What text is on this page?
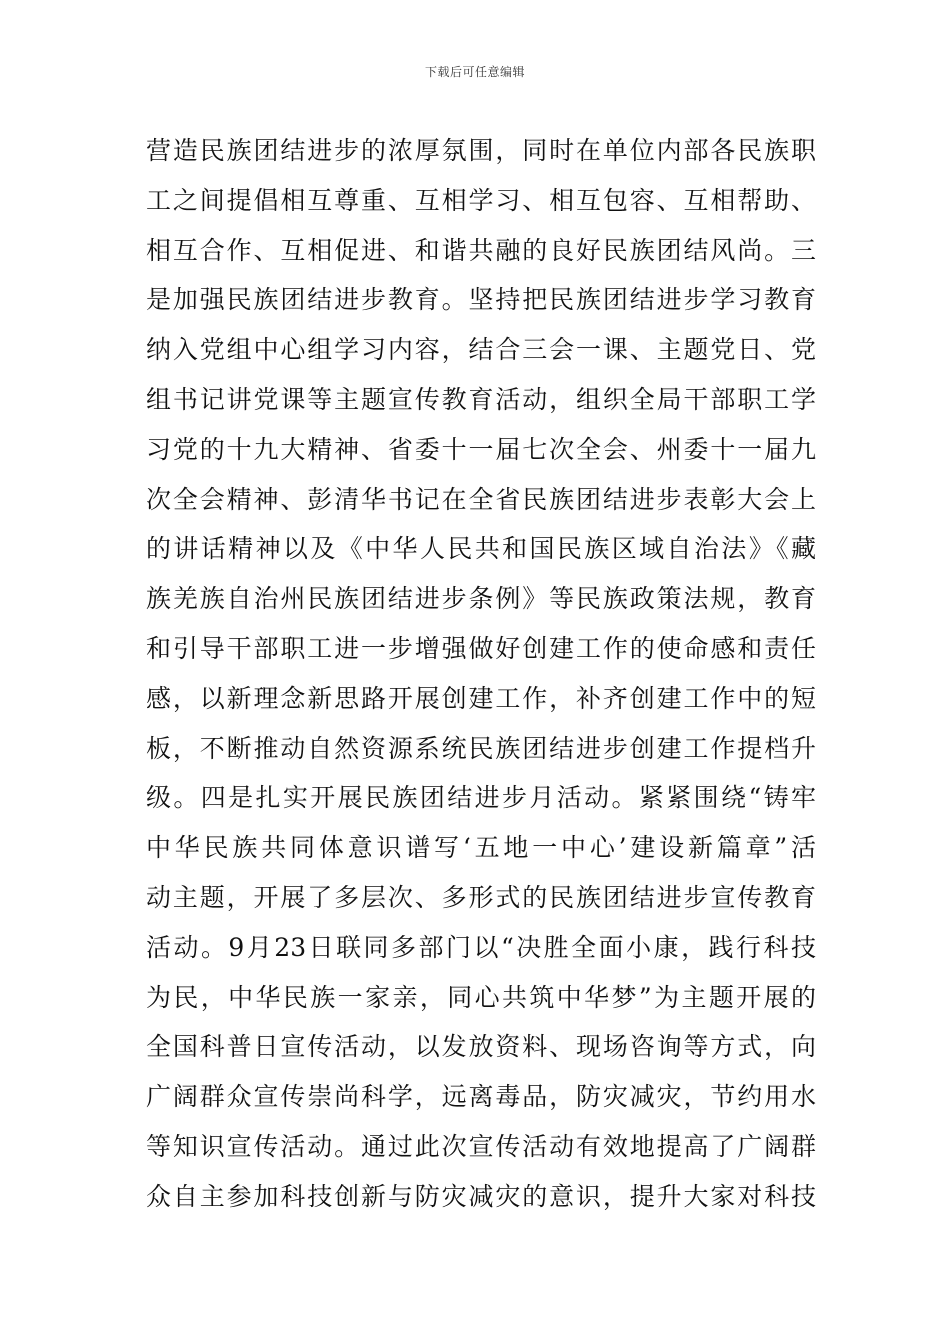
下载后可任意编辑
营造民族团结进步的浓厚氛围，同时在单位内部各民族职
工之间提倡相互尊重、互相学习、相互包容、互相帮助、
相互合作、互相促进、和谐共融的良好民族团结风尚。三
是加强民族团结进步教育。坚持把民族团结进步学习教育
纳入党组中心组学习内容，结合三会一课、主题党日、党
组书记讲党课等主题宣传教育活动，组织全局干部职工学
习党的十九大精神、省委十一届七次全会、州委十一届九
次全会精神、彭清华书记在全省民族团结进步表彰大会上
的讲话精神以及《中华人民共和国民族区域自治法》《藏
族羌族自治州民族团结进步条例》等民族政策法规，教育
和引导干部职工进一步增强做好创建工作的使命感和责任
感，以新理念新思路开展创建工作，补齐创建工作中的短
板，不断推动自然资源系统民族团结进步创建工作提档升
级。四是扎实开展民族团结进步月活动。紧紧围绕“铸牢
中华民族共同体意识谱写‘五地一中心’建设新篇章”活
动主题，开展了多层次、多形式的民族团结进步宣传教育
活动。9月23日联同多部门以“决胜全面小康，践行科技
为民，中华民族一家亲，同心共筑中华梦”为主题开展的
全国科普日宣传活动，以发放资料、现场咨询等方式，向
广阔群众宣传崇尚科学，远离毒品，防灾减灾，节约用水
等知识宣传活动。通过此次宣传活动有效地提高了广阔群
众自主参加科技创新与防灾减灾的意识，提升大家对科技
